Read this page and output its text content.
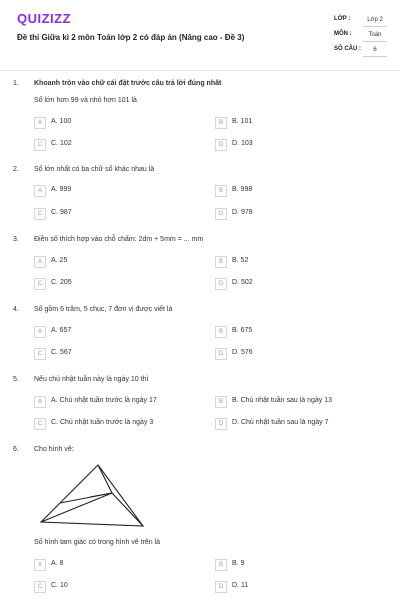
QUIZIZZ
Đề thi Giữa kì 2 môn Toán lớp 2 có đáp án (Nâng cao - Đề 3)
LỚP :	Lớp 2
MÔN :	Toán
SỐ CÂU :	6
1. Khoanh tròn vào chữ cái đặt trước câu trả lời đúng nhất
Số lớn hơn 99 và nhỏ hơn 101 là
A	A. 100	B	B. 101
C	C. 102	D	D. 103
2. Số lớn nhất có ba chữ số khác nhau là
A	A. 999	B	B. 998
C	C. 987	D	D. 978
3. Điền số thích hợp vào chỗ chấm: 2dm + 5mm = ... mm
A	A. 25	B	B. 52
C	C. 205	D	D. 502
4. Số gồm 6 trăm, 5 chục, 7 đơn vị được viết là
A	A. 657	B	B. 675
C	C. 567	D	D. 576
5. Nếu chủ nhật tuần này là ngày 10 thì
A	A. Chủ nhật tuần trước là ngày 17	B	B. Chủ nhật tuần sau là ngày 13
C	C. Chủ nhật tuần trước là ngày 3	D	D. Chủ nhật tuần sau là ngày 7
6. Cho hình vẽ:
Số hình tam giác có trong hình vẽ trên là
A	A. 8	B	B. 9
C	C. 10	D	D. 11
